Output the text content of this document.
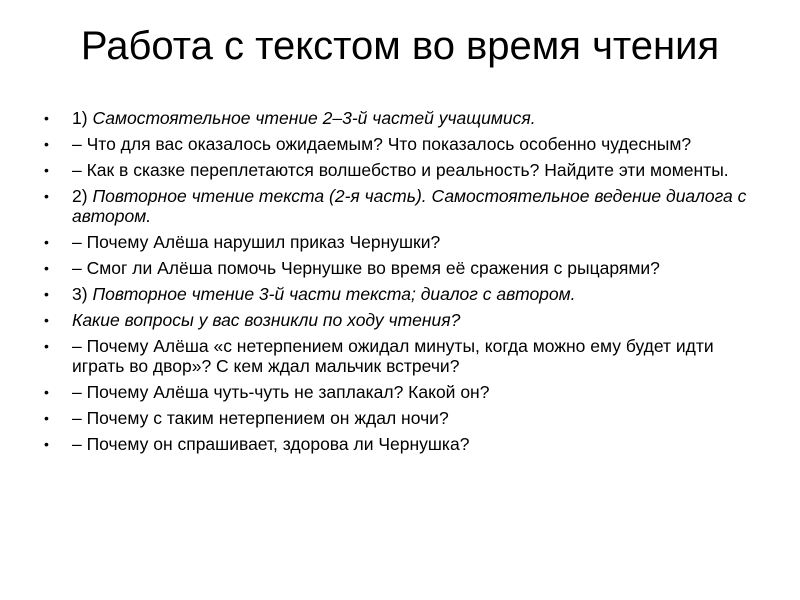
Работа с текстом во время чтения
• 1) Самостоятельное чтение 2–3-й частей учащимися.
• – Что для вас оказалось ожидаемым? Что показалось особенно чудесным?
• – Как в сказке переплетаются волшебство и реальность? Найдите эти моменты.
• 2) Повторное чтение текста (2-я часть). Самостоятельное ведение диалога с автором.
• – Почему Алёша нарушил приказ Чернушки?
• – Смог ли Алёша помочь Чернушке во время её сражения с рыцарями?
• 3) Повторное чтение 3-й части текста; диалог с автором.
• Какие вопросы у вас возникли по ходу чтения?
• – Почему Алёша «с нетерпением ожидал минуты, когда можно ему будет идти играть во двор»? С кем ждал мальчик встречи?
• – Почему Алёша чуть-чуть не заплакал? Какой он?
• – Почему с таким нетерпением он ждал ночи?
• – Почему он спрашивает, здорова ли Чернушка?
